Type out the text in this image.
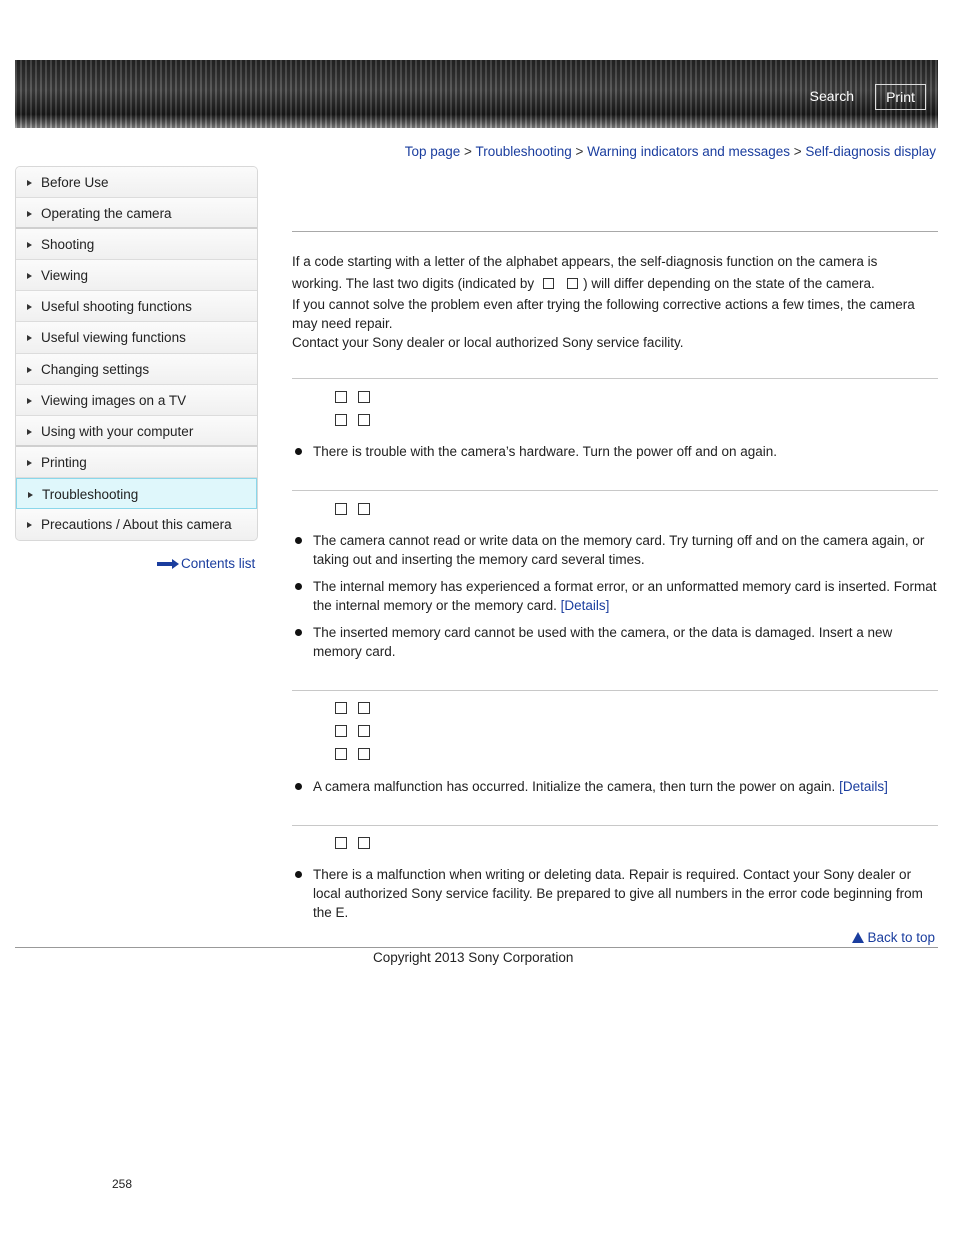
Search	Print
Top page > Troubleshooting > Warning indicators and messages > Self-diagnosis display
Before Use
Operating the camera
Shooting
Viewing
Useful shooting functions
Useful viewing functions
Changing settings
Viewing images on a TV
Using with your computer
Printing
Troubleshooting
Precautions / About this camera
Contents list

If a code starting with a letter of the alphabet appears, the self-diagnosis function on the camera is

working. The last two digits (indicated by	) will differ depending on the state of the camera.

If you cannot solve the problem even after trying the following corrective actions a few times, the camera may need repair.

Contact your Sony dealer or local authorized Sony service facility.

There is trouble with the camera’s hardware. Turn the power off and on again.
The camera cannot read or write data on the memory card. Try turning off and on the camera again, or taking out and inserting the memory card several times.
The internal memory has experienced a format error, or an unformatted memory card is inserted. Format the internal memory or the memory card. [Details]
The inserted memory card cannot be used with the camera, or the data is damaged. Insert a new memory card.
A camera malfunction has occurred. Initialize the camera, then turn the power on again. [Details]
There is a malfunction when writing or deleting data. Repair is required. Contact your Sony dealer or local authorized Sony service facility. Be prepared to give all numbers in the error code beginning from the E.
Back to top
Copyright 2013 Sony Corporation
258
